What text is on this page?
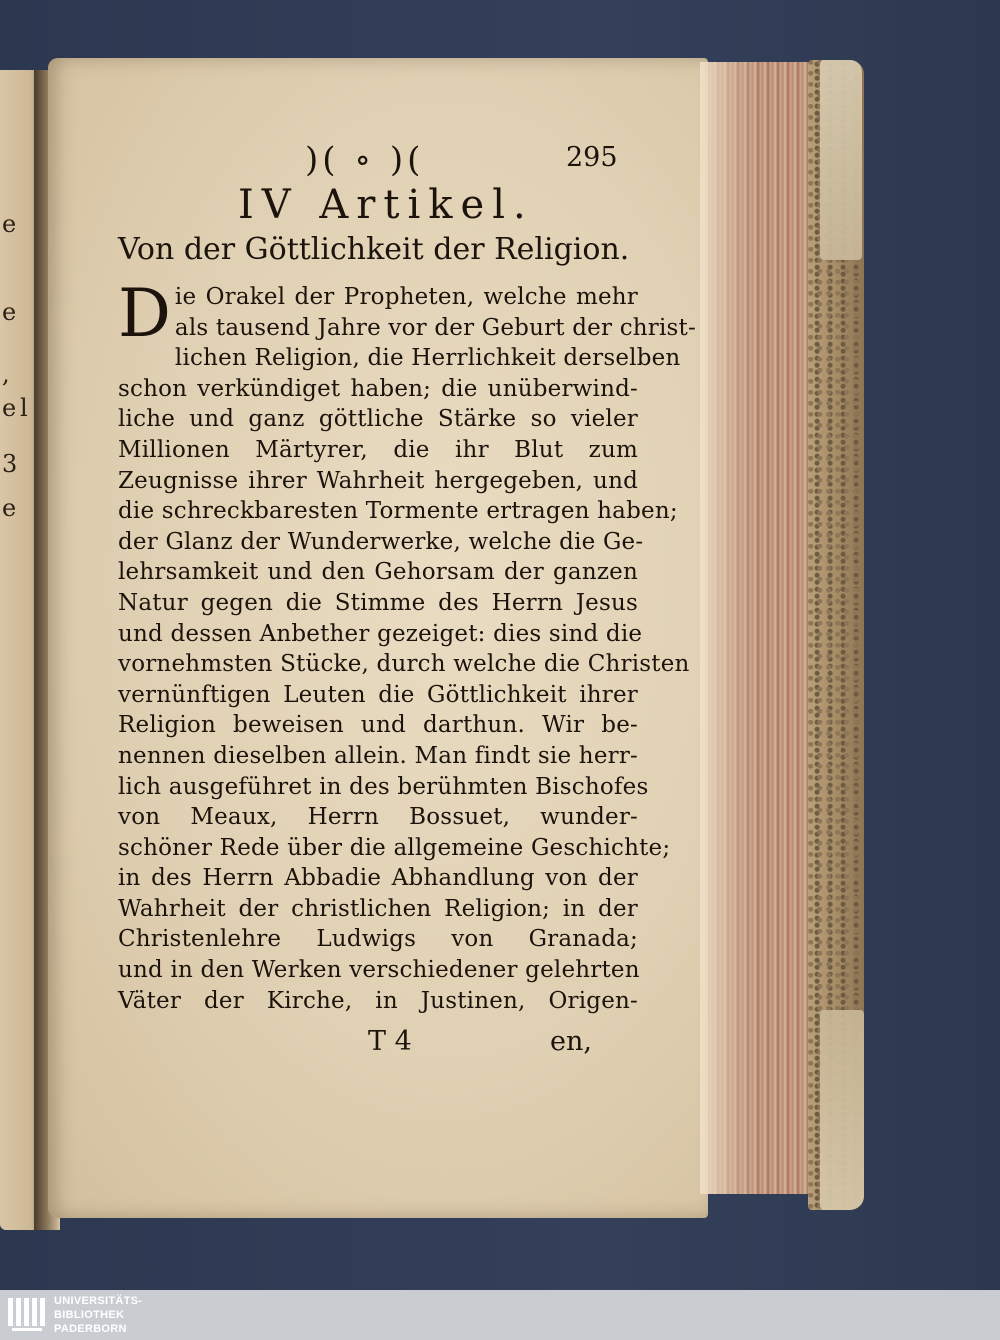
e
e
,
e l
3
e
)( ∘ )(	295
IV Artikel.
Von der Göttlichkeit der Religion.
D ie Orakel der Propheten, welche mehr
als tausend Jahre vor der Geburt der christ-
lichen Religion, die Herrlichkeit derselben
schon verkündiget haben; die unüberwind-
liche und ganz göttliche Stärke so vieler
Millionen Märtyrer, die ihr Blut zum
Zeugnisse ihrer Wahrheit hergegeben, und
die schreckbaresten Tormente ertragen haben;
der Glanz der Wunderwerke, welche die Ge-
lehrsamkeit und den Gehorsam der ganzen
Natur gegen die Stimme des Herrn Jesus
und dessen Anbether gezeiget: dies sind die
vornehmsten Stücke, durch welche die Christen
vernünftigen Leuten die Göttlichkeit ihrer
Religion beweisen und darthun. Wir be-
nennen dieselben allein. Man findt sie herr-
lich ausgeführet in des berühmten Bischofes
von Meaux, Herrn Bossuet, wunder-
schöner Rede über die allgemeine Geschichte;
in des Herrn Abbadie Abhandlung von der
Wahrheit der christlichen Religion; in der
Christenlehre Ludwigs von Granada;
und in den Werken verschiedener gelehrten
Väter der Kirche, in Justinen, Origen-
T 4	en,
UNIVERSITÄTS-
BIBLIOTHEK
PADERBORN
